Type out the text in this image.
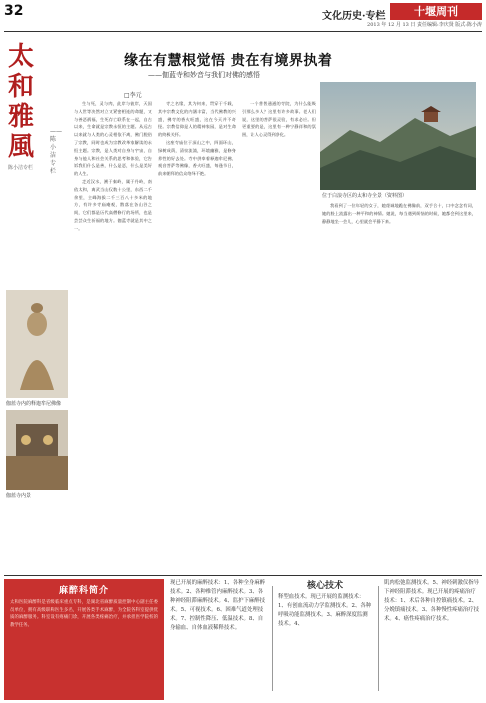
32	文化历史·专栏	十堰周刊
2013 年 12 月 13 日 责任编辑:李庆贤 版式:陈小涛
太
和
雅
風
——陈小洁专栏
陈小洁专栏
伽蓝寺内的释迦牟尼佛像
伽蓝寺内景
缘在有慧根觉悟 贵在有境界执着
——伽蓝寺和妙音与我们对佛的感悟
□李元
位于白浪寺区的太和寺全景（资料图）

生与死，灵与肉，此岸与彼岸，天国与人世等决然对立又紧密相连的命题，又与善恶祸福，生死存亡联系在一起，自古以来，生命就是宗教永恒的主题。从远古以来就与人类的心灵相依不离，佛门脱俗了宗教，同时也成为宗教改革家解读的永恒主题。宗教，是人类对自身与宇宙，自身与他人和社会关系的思考和体验，它告诉我们什么是善，什么是恶，什么是美好的人生。

走近汉水，溯于秦岭，属于丹岭，南依太和，离武当山仅数十公里，东西二千余里，主峰海拔二千三百八十多米的地方，有许多寺庙庵观，散落在各山谷之间，它们都是历代高僧修行的场所，也是芸芸众生祈福的地方。伽蓝寺就是其中之一。

寺之名缘，其为何来，贯穿于千载，其中宗教文化的内涵丰富，当代佛教的兴盛，佛寺的香火旺盛，这在今天并不奇怪。宗教信仰是人的精神家园，是对生命的终极关怀。

这座寺庙位于深山之中，四面环山，绿树成荫，清泉流淌，环境幽雅，是修身养性的好去处。寺中供奉着释迦牟尼佛、观音菩萨等佛像，香火旺盛，每逢节日，前来朝拜的信众络绎不绝。

一个普普通通的寺院，为什么能吸引那么多人？这里有许多故事。老人们说，这里的菩萨很灵验，有求必应。但更重要的是，这里有一种宁静祥和的氛围，让人心灵得到净化。

我看到了一位年轻的女子，她虔诚地跪在佛像前，双手合十，口中念念有词，她的脸上流露出一种平和的神情。她说，每当遇到烦恼的时候，她都会到这里来，静静地坐一会儿，心里就会平静下来。

麻醉科简介
太和医院麻醉科是省级临床重点专科，是湖北省麻醉质量控制中心副主任委员单位，拥有高级职称医生多名，开展各类手术麻醉，为全院各科室提供优质的麻醉服务。科室设有疼痛门诊，开展各类疼痛治疗，并承担医学院校的教学任务。
现已开展的麻醉技术：1、各种全身麻醉技术。2、各种椎管内麻醉技术。3、各种神经阻滞麻醉技术。4、监护下麻醉技术。5、可视技术。6、困难气道处理技术。7、控制性降压、低温技术。8、自身输血、自体血液稀释技术。
核心技术
释型血技术。现已开展的监测技术：1、有创血流动力学监测技术。2、各种呼吸功能监测技术。3、麻醉深度监测技术。4、
肌肉松弛监测技术。5、神经刺激仪指导下神经阻滞技术。现已开展的疼痛治疗技术：1、术后各种自控镇痛技术。2、分娩镇痛技术。3、各种慢性疼痛治疗技术。4、癌性疼痛治疗技术。
